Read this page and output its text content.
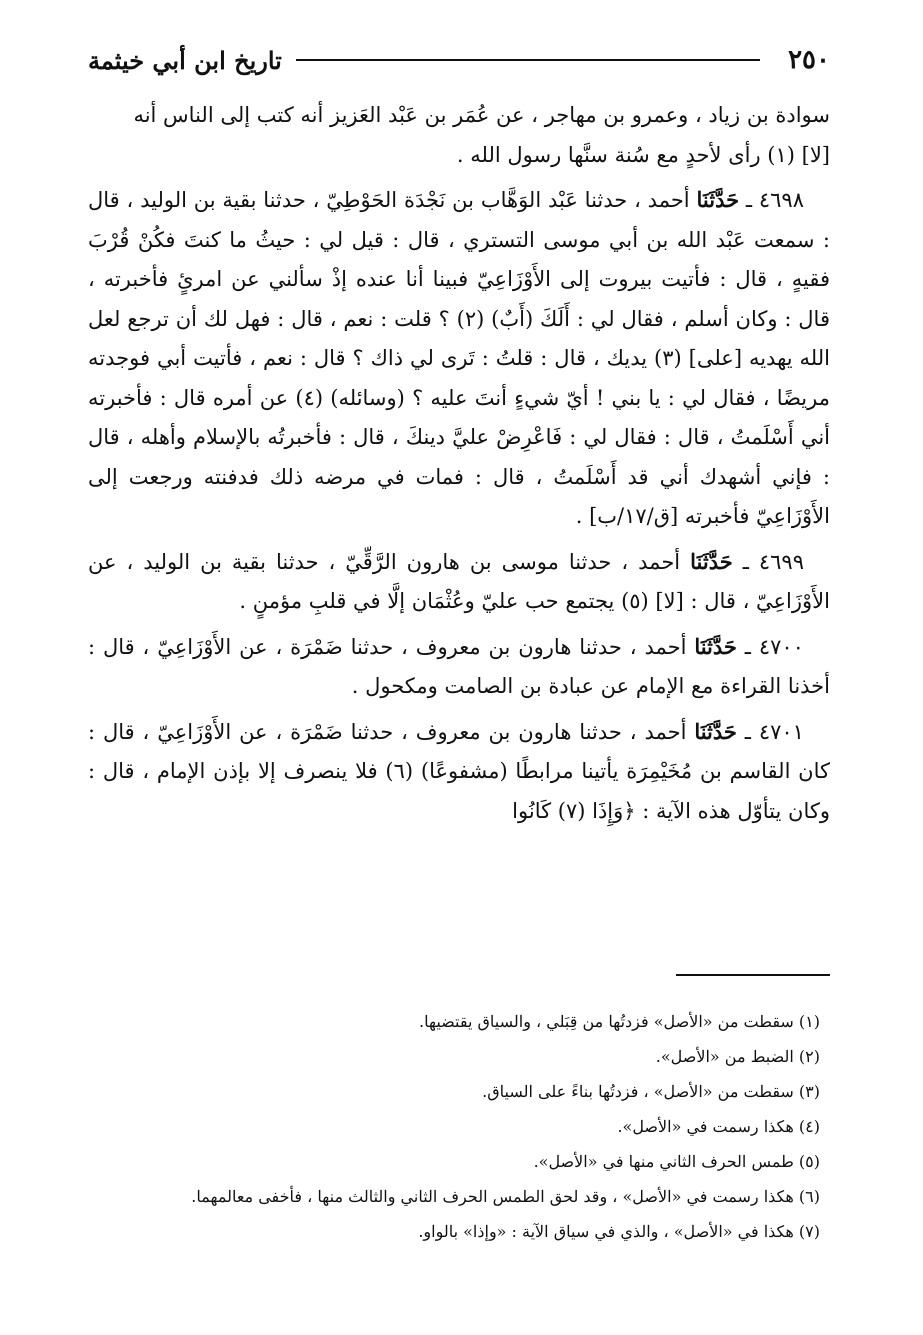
٢٥٠
تاريخ ابن أبي خيثمة

سوادة بن زياد ، وعمرو بن مهاجر ، عن عُمَر بن عَبْد العَزيز أنه كتب إلى الناس أنه

[لا] (١) رأى لأحدٍ مع سُنة سنَّها رسول الله .

٤٦٩٨ ـ حَدَّثَنَا أحمد ، حدثنا عَبْد الوَهَّاب بن نَجْدَة الحَوْطِيّ ، حدثنا بقية بن الوليد ، قال : سمعت عَبْد الله بن أبي موسى التستري ، قال : قيل لي : حيثُ ما كنتَ فكُنْ قُرْبَ فقيهٍ ، قال : فأتيت بيروت إلى الأَوْزَاعِيّ فبينا أنا عنده إذْ سألني عن امرئٍ فأخبرته ، قال : وكان أسلم ، فقال لي : أَلَكَ (أَبٌ) (٢) ؟ قلت : نعم ، قال : فهل لك أن ترجع لعل الله يهديه [على] (٣) يديك ، قال : قلتُ : تَرى لي ذاك ؟ قال : نعم ، فأتيت أبي فوجدته مريضًا ، فقال لي : يا بني ! أيّ شيءٍ أنتَ عليه ؟ (وسائله) (٤) عن أمره قال : فأخبرته أني أَسْلَمتُ ، قال : فقال لي : فَاعْرِضْ عليَّ دينكَ ، قال : فأخبرتُه بالإسلام وأهله ، قال : فإني أشهدك أني قد أَسْلَمتُ ، قال : فمات في مرضه ذلك فدفنته ورجعت إلى الأَوْزَاعِيّ فأخبرته [ق/١٧/ب] .

٤٦٩٩ ـ حَدَّثَنَا أحمد ، حدثنا موسى بن هارون الرَّقِّيّ ، حدثنا بقية بن الوليد ، عن الأَوْزَاعِيّ ، قال : [لا] (٥) يجتمع حب عليّ وعُثْمَان إلَّا في قلبِ مؤمنٍ .

٤٧٠٠ ـ حَدَّثَنَا أحمد ، حدثنا هارون بن معروف ، حدثنا ضَمْرَة ، عن الأَوْزَاعِيّ ، قال : أخذنا القراءة مع الإمام عن عبادة بن الصامت ومكحول .

٤٧٠١ ـ حَدَّثَنَا أحمد ، حدثنا هارون بن معروف ، حدثنا ضَمْرَة ، عن الأَوْزَاعِيّ ، قال : كان القاسم بن مُخَيْمِرَة يأتينا مرابطًا (مشفوعًا) (٦) فلا ينصرف إلا بإذن الإمام ، قال : وكان يتأوّل هذه الآية : ﴿وَإِذَا (٧) كَانُوا

(١) سقطت من «الأصل» فزدتُها من قِبَلي ، والسياق يقتضيها.
(٢) الضبط من «الأصل».
(٣) سقطت من «الأصل» ، فزدتُها بناءً على السياق.
(٤) هكذا رسمت في «الأصل».
(٥) طمس الحرف الثاني منها في «الأصل».
(٦) هكذا رسمت في «الأصل» ، وقد لحق الطمس الحرف الثاني والثالث منها ، فأخفى معالمهما.
(٧) هكذا في «الأصل» ، والذي في سياق الآية : «وإذا» بالواو.
